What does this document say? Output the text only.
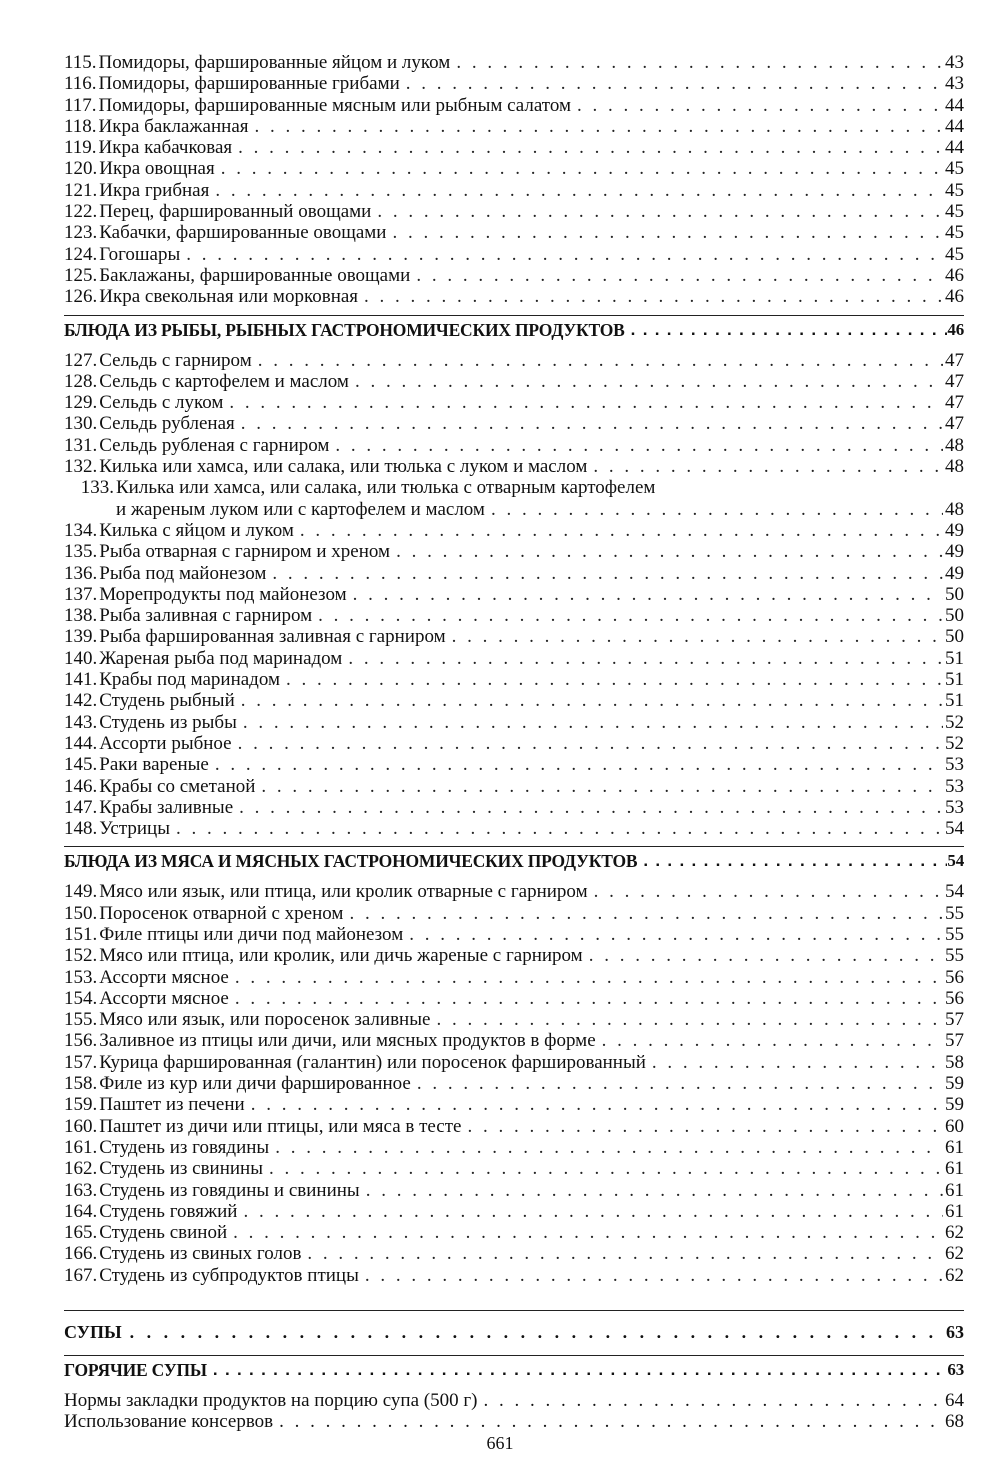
115. Помидоры, фаршированные яйцом и луком . . .	43
116. Помидоры, фаршированные грибами . . .	43
117. Помидоры, фаршированные мясным или рыбным салатом . . .	44
118. Икра баклажанная . . .	44
119. Икра кабачковая . . .	44
120. Икра овощная . . .	45
121. Икра грибная . . .	45
122. Перец, фаршированный овощами . . .	45
123. Кабачки, фаршированные овощами . . .	45
124. Гогошары . . .	45
125. Баклажаны, фаршированные овощами . . .	46
126. Икра свекольная или морковная . . .	46
БЛЮДА ИЗ РЫБЫ, РЫБНЫХ ГАСТРОНОМИЧЕСКИХ ПРОДУКТОВ . . .	46
127. Сельдь с гарниром . . .	47
128. Сельдь с картофелем и маслом . . .	47
129. Сельдь с луком . . .	47
130. Сельдь рубленая . . .	47
131. Сельдь рубленая с гарниром . . .	48
132. Килька или хамса, или салака, или тюлька с луком и маслом . . .	48
133. Килька или хамса, или салака, или тюлька с отварным картофелем
и жареным луком или с картофелем и маслом . . .	48
134. Килька с яйцом и луком . . .	49
135. Рыба отварная с гарниром и хреном . . .	49
136. Рыба под майонезом . . .	49
137. Морепродукты под майонезом . . .	50
138. Рыба заливная с гарниром . . .	50
139. Рыба фаршированная заливная с гарниром . . .	50
140. Жареная рыба под маринадом . . .	51
141. Крабы под маринадом . . .	51
142. Студень рыбный . . .	51
143. Студень из рыбы . . .	52
144. Ассорти рыбное . . .	52
145. Раки вареные . . .	53
146. Крабы со сметаной . . .	53
147. Крабы заливные . . .	53
148. Устрицы . . .	54
БЛЮДА ИЗ МЯСА И МЯСНЫХ ГАСТРОНОМИЧЕСКИХ ПРОДУКТОВ . . .	54
149. Мясо или язык, или птица, или кролик отварные с гарниром . . .	54
150. Поросенок отварной с хреном . . .	55
151. Филе птицы или дичи под майонезом . . .	55
152. Мясо или птица, или кролик, или дичь жареные с гарниром . . .	55
153. Ассорти мясное . . .	56
154. Ассорти мясное . . .	56
155. Мясо или язык, или поросенок заливные . . .	57
156. Заливное из птицы или дичи, или мясных продуктов в форме . . .	57
157. Курица фаршированная (галантин) или поросенок фаршированный . . .	58
158. Филе из кур или дичи фаршированное . . .	59
159. Паштет из печени . . .	59
160. Паштет из дичи или птицы, или мяса в тесте . . .	60
161. Студень из говядины . . .	61
162. Студень из свинины . . .	61
163. Студень из говядины и свинины . . .	61
164. Студень говяжий . . .	61
165. Студень свиной . . .	62
166. Студень из свиных голов . . .	62
167. Студень из субпродуктов птицы . . .	62
СУПЫ . . .	63
ГОРЯЧИЕ СУПЫ . . .	63
Нормы закладки продуктов на порцию супа (500 г) . . .	64
Использование консервов . . .	68
661
